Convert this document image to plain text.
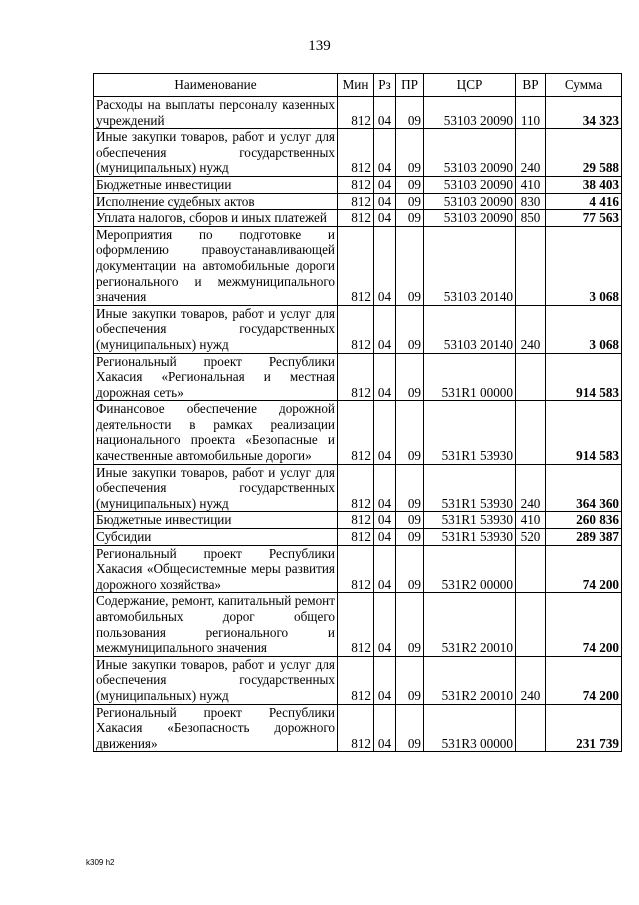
139
Наименование	Мин	Рз	ПР	ЦСР	ВР	Сумма
Расходы на выплаты персоналу казенных учреждений	812	04	09	53103 20090	110	34 323
Иные закупки товаров, работ и услуг для обеспечения государственных (муниципальных) нужд	812	04	09	53103 20090	240	29 588
Бюджетные инвестиции	812	04	09	53103 20090	410	38 403
Исполнение судебных актов	812	04	09	53103 20090	830	4 416
Уплата налогов, сборов и иных платежей	812	04	09	53103 20090	850	77 563
Мероприятия по подготовке и оформлению правоустанавливающей документации на автомобильные дороги регионального и межмуниципального значения	812	04	09	53103 20140		3 068
Иные закупки товаров, работ и услуг для обеспечения государственных (муниципальных) нужд	812	04	09	53103 20140	240	3 068
Региональный проект Республики Хакасия «Региональная и местная дорожная сеть»	812	04	09	531R1 00000		914 583
Финансовое обеспечение дорожной деятельности в рамках реализации национального проекта «Безопасные и качественные автомобильные дороги»	812	04	09	531R1 53930		914 583
Иные закупки товаров, работ и услуг для обеспечения государственных (муниципальных) нужд	812	04	09	531R1 53930	240	364 360
Бюджетные инвестиции	812	04	09	531R1 53930	410	260 836
Субсидии	812	04	09	531R1 53930	520	289 387
Региональный проект Республики Хакасия «Общесистемные меры развития дорожного хозяйства»	812	04	09	531R2 00000		74 200
Содержание, ремонт, капитальный ремонт автомобильных дорог общего пользования регионального и межмуниципального значения	812	04	09	531R2 20010		74 200
Иные закупки товаров, работ и услуг для обеспечения государственных (муниципальных) нужд	812	04	09	531R2 20010	240	74 200
Региональный проект Республики Хакасия «Безопасность дорожного движения»	812	04	09	531R3 00000		231 739
k309 h2
